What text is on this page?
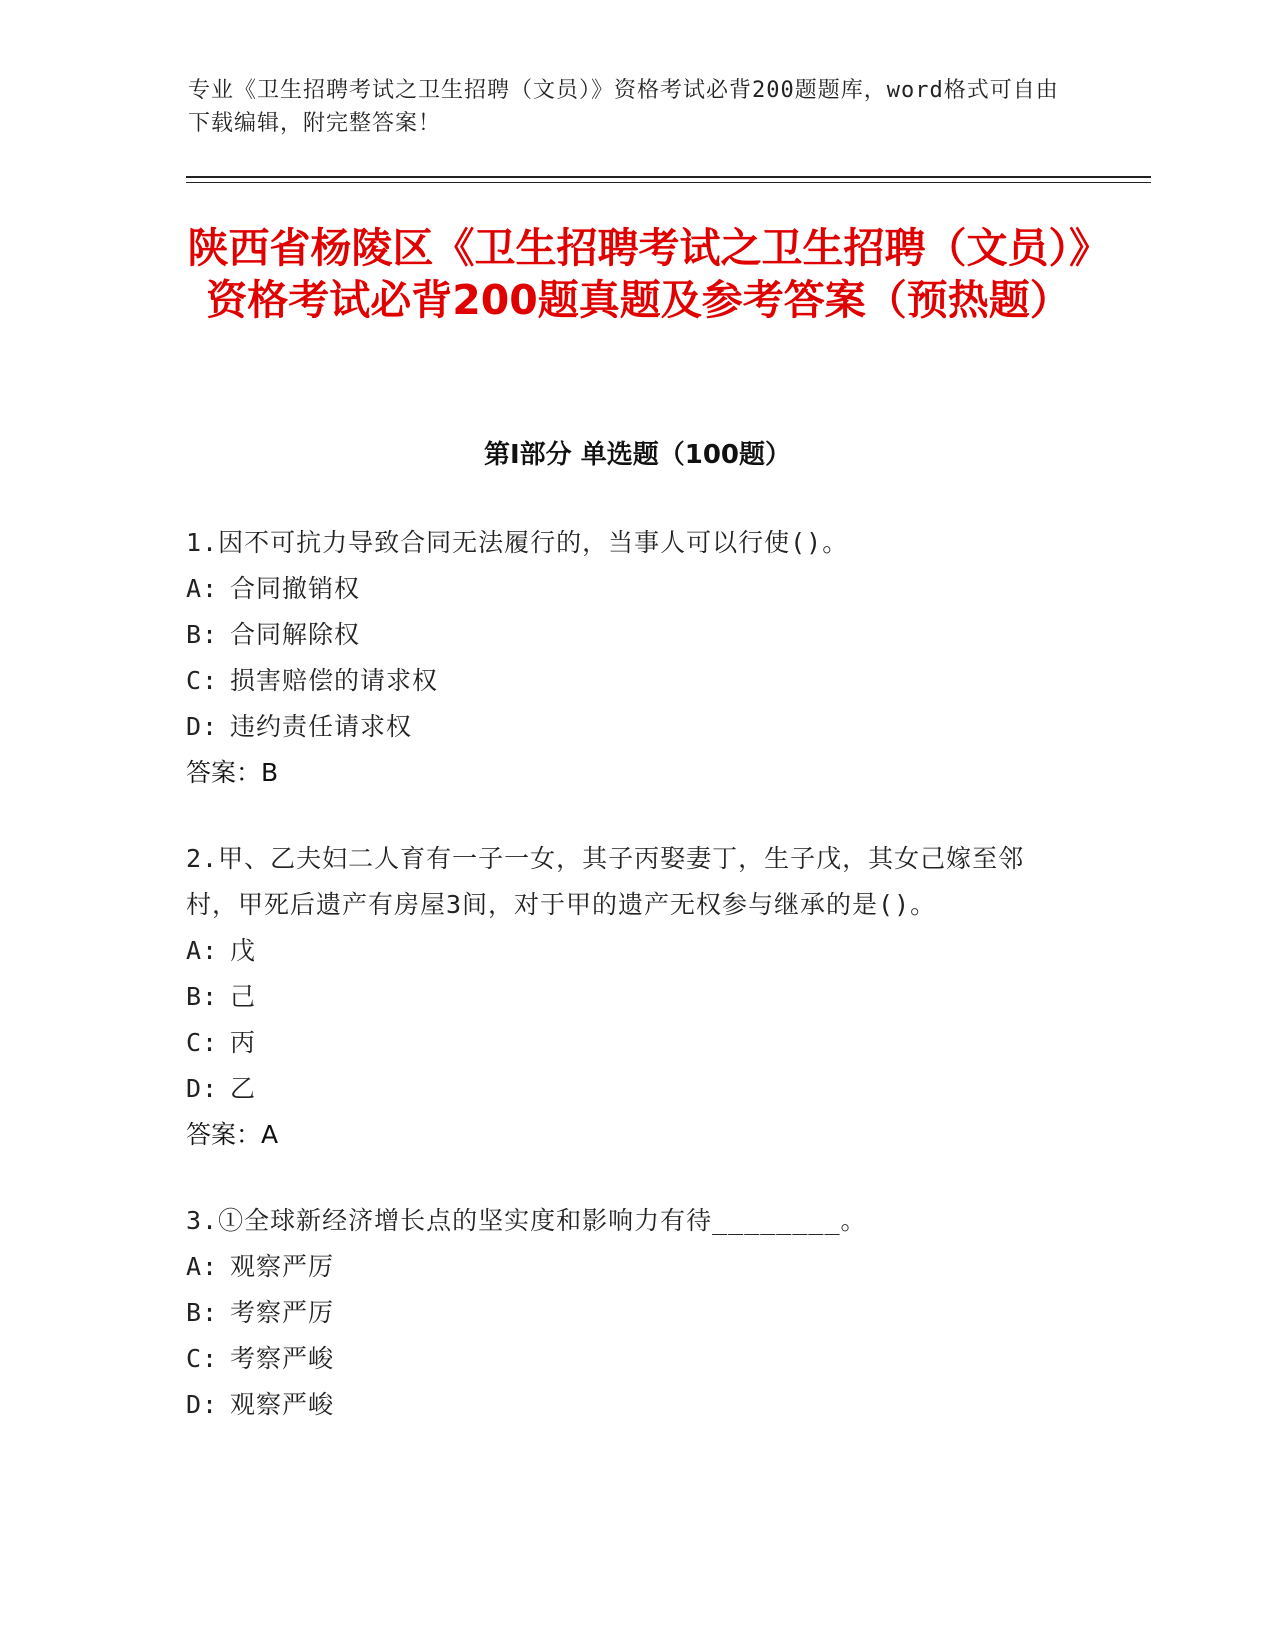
专业《卫生招聘考试之卫生招聘（文员）》资格考试必背200题题库，word格式可自由下载编辑，附完整答案！
陕西省杨陵区《卫生招聘考试之卫生招聘（文员）》资格考试必背200题真题及参考答案（预热题）
第Ⅰ部分 单选题（100题）
1.因不可抗力导致合同无法履行的，当事人可以行使()。
A: 合同撤销权
B: 合同解除权
C: 损害赔偿的请求权
D: 违约责任请求权
答案：B
2.甲、乙夫妇二人育有一子一女，其子丙娶妻丁，生子戊，其女己嫁至邻村，甲死后遗产有房屋3间，对于甲的遗产无权参与继承的是()。
A: 戊
B: 己
C: 丙
D: 乙
答案：A
3.①全球新经济增长点的坚实度和影响力有待________。
A: 观察严厉
B: 考察严厉
C: 考察严峻
D: 观察严峻
